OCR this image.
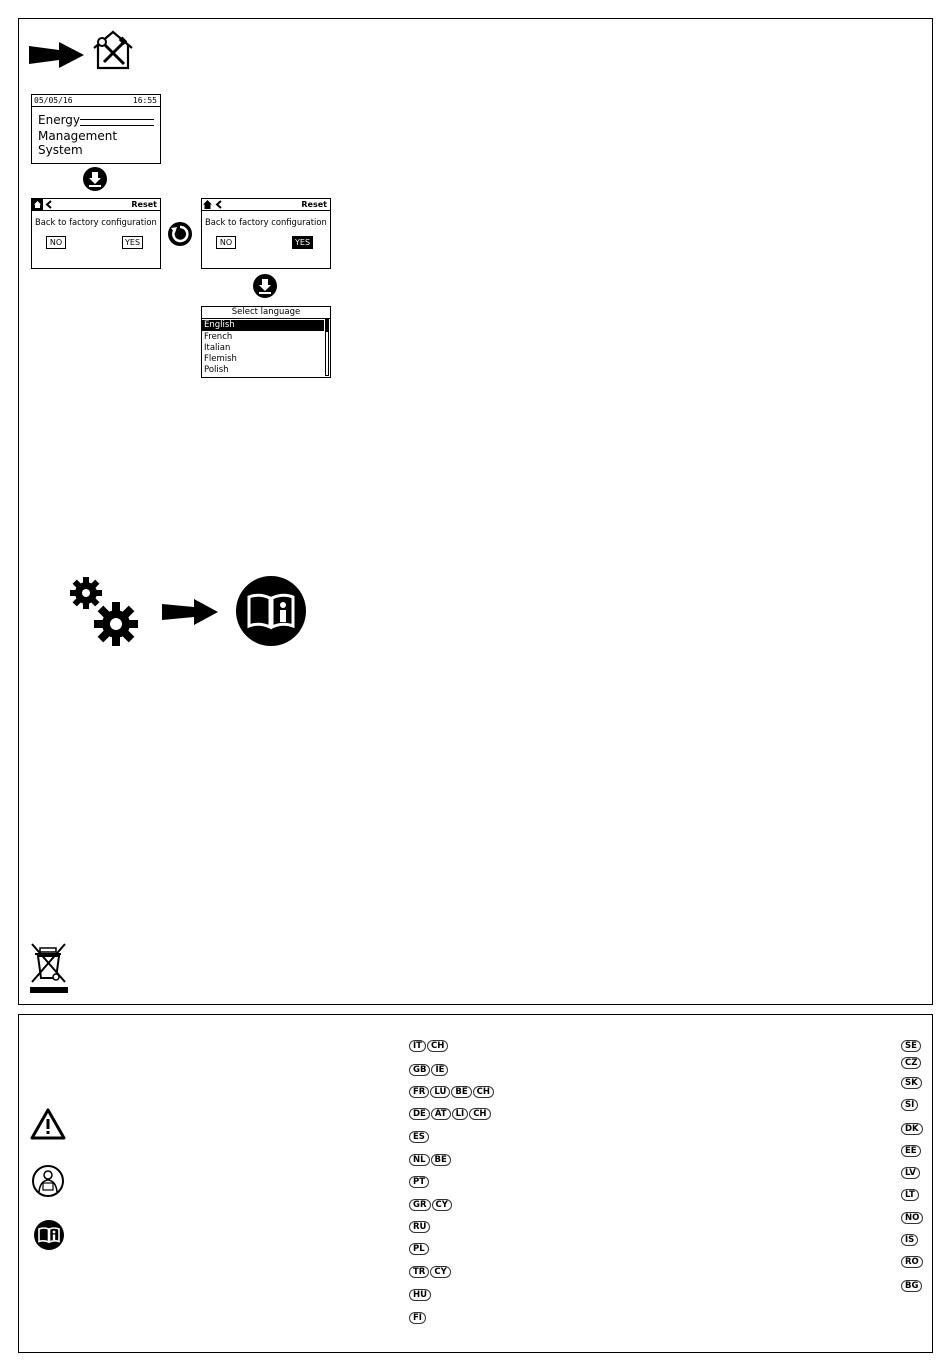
05/05/16	16:55
Energy
Management System
Reset
Back to factory configuration
NO	YES
Reset
Back to factory configuration
NO	YES
Select language
English
French
Italian
Flemish
Polish
IT	CH
GB	IE
FR	LU	BE	CH
DE	AT	LI	CH
ES
NL	BE
PT
GR	CY
RU
PL
TR	CY
HU
FI
SE
CZ
SK
SI
DK
EE
LV
LT
NO
IS
RO
BG
